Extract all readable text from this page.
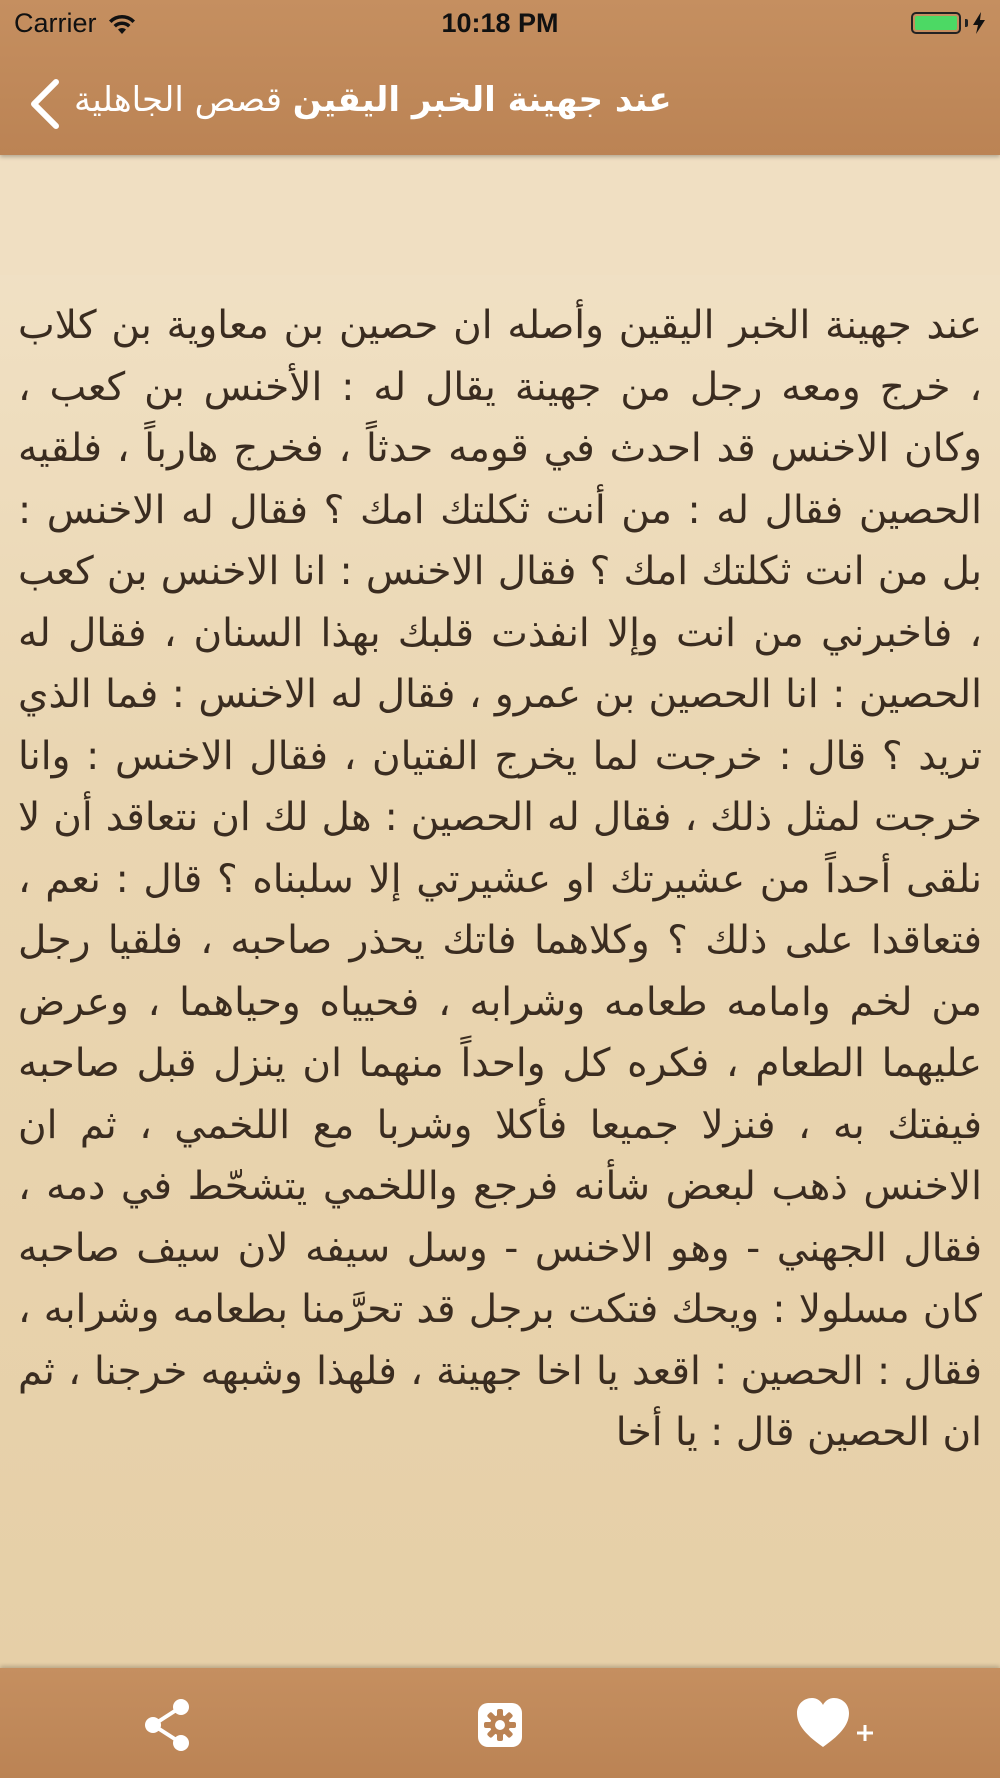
Carrier	10:18 PM
عند جهينة الخبر اليقين قصص الجاهلية

عند جهينة الخبر اليقين وأصله ان حصين بن معاوية بن كلاب ، خرج ومعه رجل من جهينة يقال له : الأخنس بن كعب ، وكان الاخنس قد احدث في قومه حدثاً ، فخرج هارباً ، فلقيه الحصين فقال له : من أنت ثكلتك امك ؟ فقال له الاخنس : بل من انت ثكلتك امك ؟ فقال الاخنس : انا الاخنس بن كعب ، فاخبرني من انت وإلا انفذت قلبك بهذا السنان ، فقال له الحصين : انا الحصين بن عمرو ، فقال له الاخنس : فما الذي تريد ؟ قال : خرجت لما يخرج الفتيان ، فقال الاخنس : وانا خرجت لمثل ذلك ، فقال له الحصين : هل لك ان نتعاقد أن لا نلقى أحداً من عشيرتك او عشيرتي إلا سلبناه ؟ قال : نعم ، فتعاقدا على ذلك ؟ وكلاهما فاتك يحذر صاحبه ، فلقيا رجل من لخم وامامه طعامه وشرابه ، فحيياه وحياهما ، وعرض عليهما الطعام ، فكره كل واحداً منهما ان ينزل قبل صاحبه فيفتك به ، فنزلا جميعا فأكلا وشربا مع اللخمي ، ثم ان الاخنس ذهب لبعض شأنه فرجع واللخمي يتشحّط في دمه ، فقال الجهني - وهو الاخنس - وسل سيفه لان سيف صاحبه كان مسلولا : ويحك فتكت برجل قد تحرَّمنا بطعامه وشرابه ، فقال : الحصين : اقعد يا اخا جهينة ، فلهذا وشبهه خرجنا ، ثم ان الحصين قال : يا أخا
